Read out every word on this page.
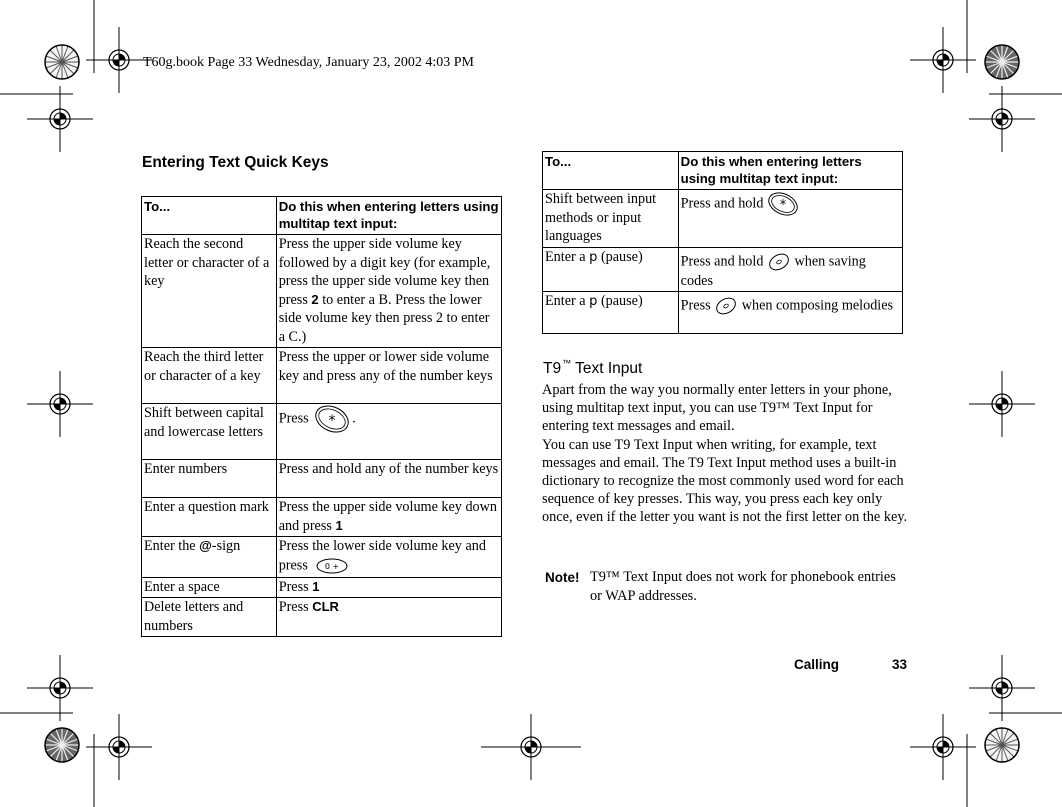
T60g.book Page 33 Wednesday, January 23, 2002 4:03 PM
Entering Text Quick Keys
To...	Do this when entering letters using multitap text input:
Reach the second letter or character of a key	Press the upper side volume key followed by a digit key (for example, press the upper side volume key then press 2 to enter a B. Press the lower side volume key then press 2 to enter a C.)
Reach the third letter or character of a key	Press the upper or lower side volume key and press any of the number keys
Shift between capital and lowercase letters	Press * .
Enter numbers	Press and hold any of the number keys
Enter a question mark	Press the upper side volume key down and press 1
Enter the @-sign	Press the lower side volume key and press 0 +

Enter a space	Press 1
Delete letters and numbers	Press CLR
To...	Do this when entering letters using multitap text input:
Shift between input methods or input languages	Press and hold *

Enter a p (pause)	Press and hold  when saving codes
Enter a p (pause)	Press  when composing melodies
T9™ Text Input

Apart from the way you normally enter letters in your phone, using multitap text input, you can use T9™ Text Input for entering text messages and email.

You can use T9 Text Input when writing, for example, text messages and email. The T9 Text Input method uses a built-in dictionary to recognize the most commonly used word for each sequence of key presses. This way, you press each key only once, even if the letter you want is not the first letter on the key.

Note! T9™ Text Input does not work for phonebook entries or WAP addresses.
Calling	33
